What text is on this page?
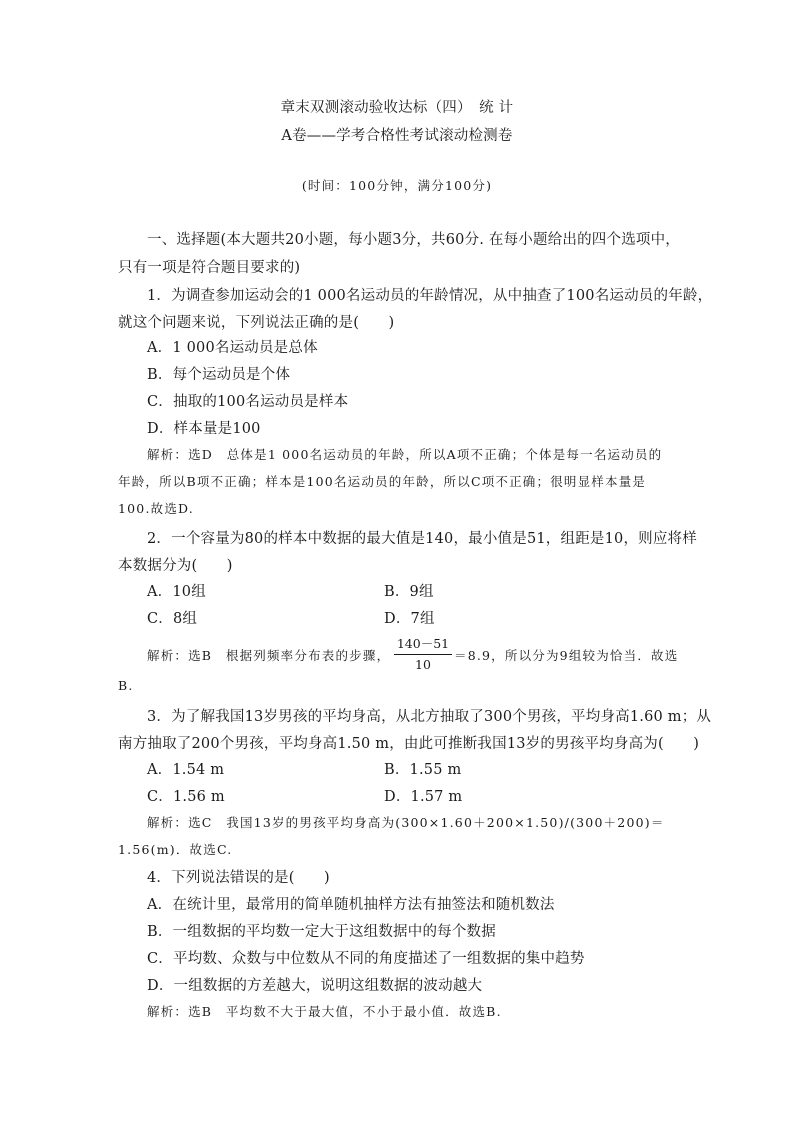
章末双测滚动验收达标（四）　统 计
A卷——学考合格性考试滚动检测卷
(时间：100分钟，满分100分)
一、选择题(本大题共20小题，每小题3分，共60分. 在每小题给出的四个选项中，
只有一项是符合题目要求的)
1．为调查参加运动会的1 000名运动员的年龄情况，从中抽查了100名运动员的年龄，
就这个问题来说，下列说法正确的是(　　)
A．1 000名运动员是总体
B．每个运动员是个体
C．抽取的100名运动员是样本
D．样本量是100
解析：选D　总体是1 000名运动员的年龄，所以A项不正确；个体是每一名运动员的
年龄，所以B项不正确；样本是100名运动员的年龄，所以C项不正确；很明显样本量是
100.故选D.
2．一个容量为80的样本中数据的最大值是140，最小值是51，组距是10，则应将样
本数据分为(　　)
A．10组	B．9组
C．8组	D．7组
解析：选B　根据列频率分布表的步骤，
140－51
10
＝8.9，所以分为9组较为恰当．故选
B.
3．为了解我国13岁男孩的平均身高，从北方抽取了300个男孩，平均身高1.60 m；从
南方抽取了200个男孩，平均身高1.50 m，由此可推断我国13岁的男孩平均身高为(　　)
A．1.54 m	B．1.55 m
C．1.56 m	D．1.57 m
解析：选C　我国13岁的男孩平均身高为(300×1.60＋200×1.50)/(300＋200)＝
1.56(m)．故选C.
4．下列说法错误的是(　　)
A．在统计里，最常用的简单随机抽样方法有抽签法和随机数法
B．一组数据的平均数一定大于这组数据中的每个数据
C．平均数、众数与中位数从不同的角度描述了一组数据的集中趋势
D．一组数据的方差越大，说明这组数据的波动越大
解析：选B　平均数不大于最大值，不小于最小值．故选B.
